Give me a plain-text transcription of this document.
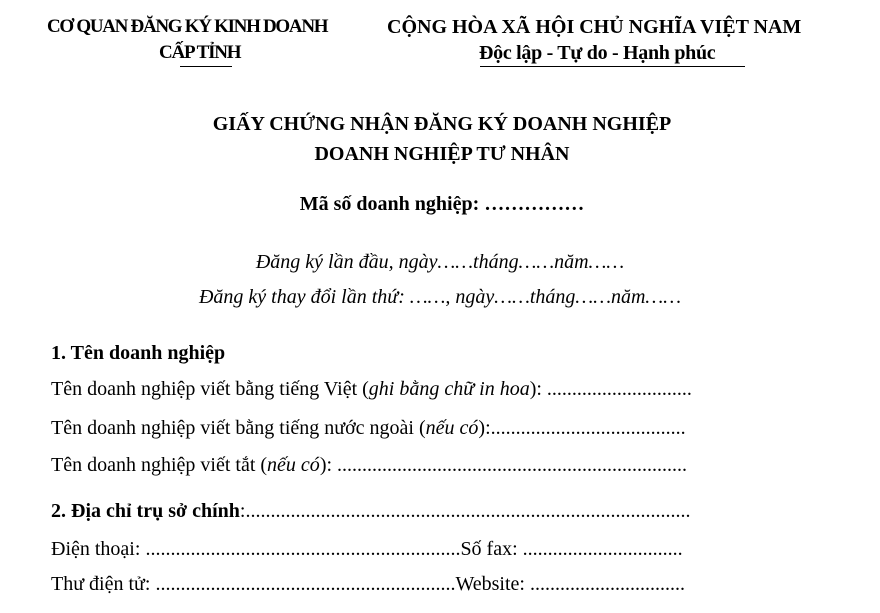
CƠ QUAN ĐĂNG KÝ KINH DOANH
CẤP TỈNH
CỘNG HÒA XÃ HỘI CHỦ NGHĨA VIỆT NAM
Độc lập - Tự do - Hạnh phúc
GIẤY CHỨNG NHẬN ĐĂNG KÝ DOANH NGHIỆP
DOANH NGHIỆP TƯ NHÂN
Mã số doanh nghiệp: ……………
Đăng ký lần đầu, ngày……tháng……năm……
Đăng ký thay đổi lần thứ: ……, ngày……tháng……năm……
1. Tên doanh nghiệp
Tên doanh nghiệp viết bằng tiếng Việt (ghi bằng chữ in hoa): .............................
Tên doanh nghiệp viết bằng tiếng nước ngoài (nếu có):.......................................
Tên doanh nghiệp viết tắt (nếu có): ......................................................................
2. Địa chỉ trụ sở chính:.........................................................................................
Điện thoại: ...............................................................Số fax: ................................
Thư điện tử: ............................................................Website: ...............................
